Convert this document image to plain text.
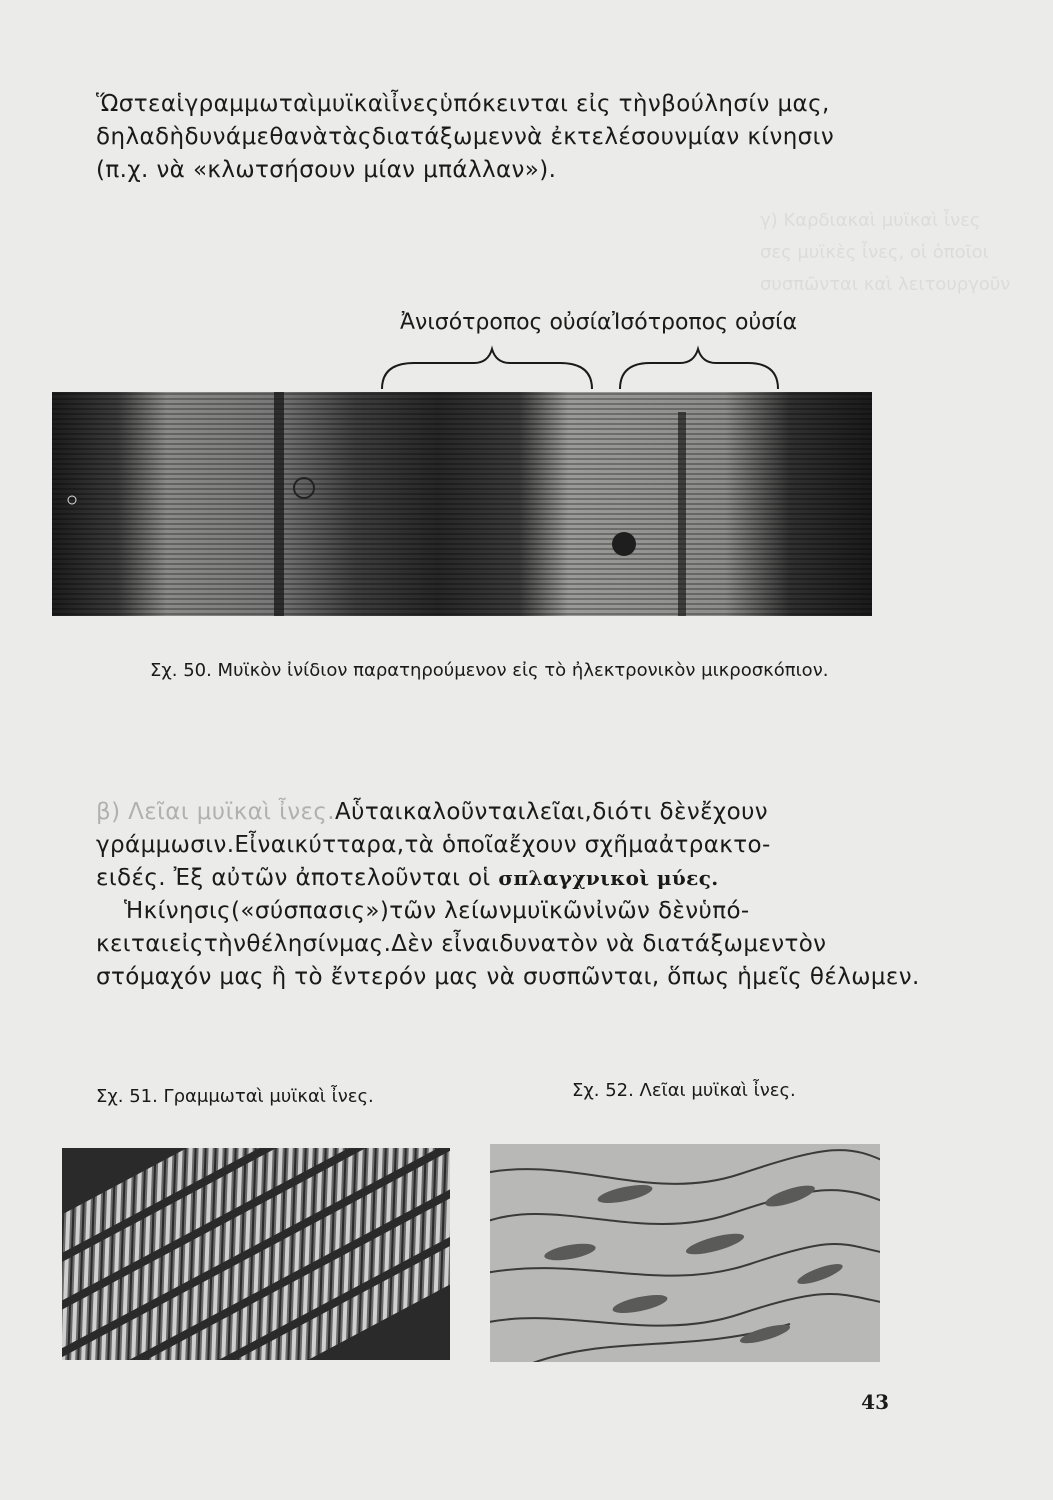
γ) Καρδιακαὶ μυϊκαὶ ἶνες
σες μυϊκὲς ἶνες, οἱ ὁποῖοι
συσπῶνται καὶ λειτουργοῦν
Ὥστεαἱγραμμωταὶμυϊκαὶἶνεςὑπόκεινται εἰς τὴνβούλησίν μας,
δηλαδὴδυνάμεθανὰτὰςδιατάξωμεννὰ ἐκτελέσουνμίαν κίνησιν
(π.χ. νὰ «κλωτσήσουν μίαν μπάλλαν»).
Ἀνισότροπος οὐσία Ἰσότροπος οὐσία
Σχ. 50. Μυϊκὸν ἰνίδιον παρατηρούμενον εἰς τὸ ἠλεκτρονικὸν μικροσκόπιον.
β) Λεῖαι μυϊκαὶ ἶνες.Αὗταικαλοῦνταιλεῖαι,διότι δὲνἔχουν
γράμμωσιν.Εἶναικύτταρα,τὰ ὁποῖαἔχουν σχῆμαἀτρακτο-
ειδές. Ἐξ αὐτῶν ἀποτελοῦνται οἱ σπλαγχνικοὶ μύες.
Ἡκίνησις(«σύσπασις»)τῶν λείωνμυϊκῶνἰνῶν δὲνὑπό-
κειταιεἰςτὴνθέλησίνμας.Δὲν εἶναιδυνατὸν νὰ διατάξωμεντὸν
στόμαχόν μας ἢ τὸ ἔντερόν μας νὰ συσπῶνται, ὅπως ἡμεῖς θέλωμεν.
Σχ. 51. Γραμμωταὶ μυϊκαὶ ἶνες.	Σχ. 52. Λεῖαι μυϊκαὶ ἶνες.
43
